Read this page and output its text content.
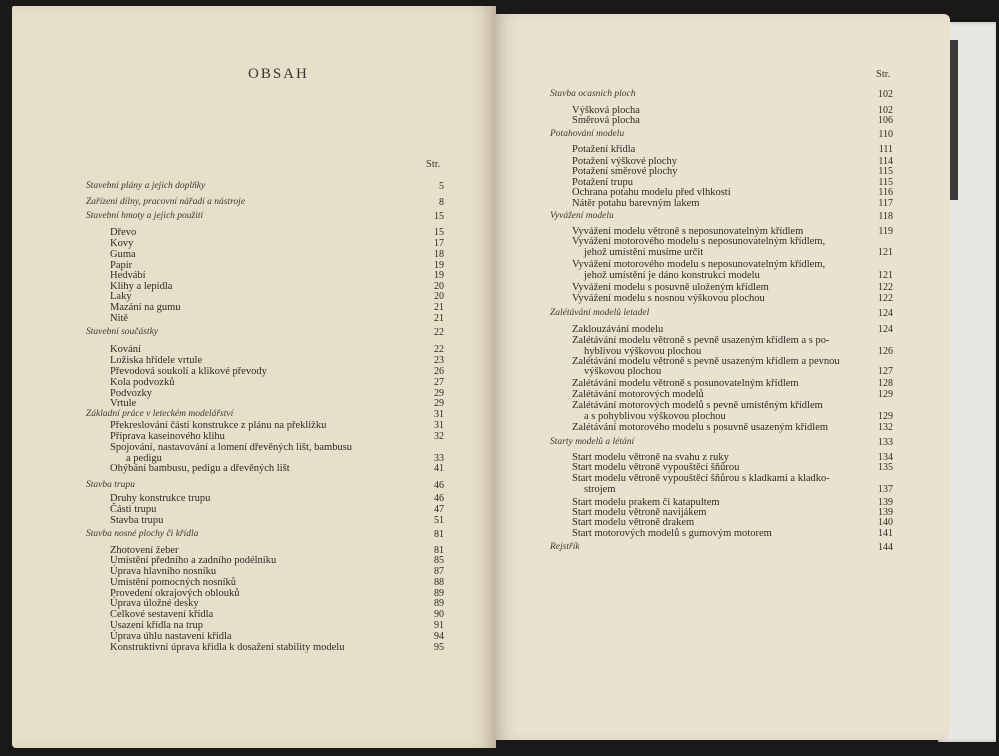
OBSAH
Str.
Stavební plány a jejich doplňky	5
Zařízení dílny, pracovní nářadí a nástroje	8
Stavební hmoty a jejich použití	15
Dřevo	15
Kovy	17
Guma	18
Papír	19
Hedvábí	19
Klihy a lepidla	20
Laky	20
Mazání na gumu	21
Nitě	21
Stavební součástky	22
Kování	22
Ložiska hřídele vrtule	23
Převodová soukolí a klikové převody	26
Kola podvozků	27
Podvozky	29
Vrtule	29
Základní práce v leteckém modelářství	31
Překreslování částí konstrukce z plánu na překližku	31
Příprava kaseinového klihu	32
Spojování, nastavování a lomení dřevěných lišt, bambusu
a pedigu	33
Ohýbání bambusu, pedigu a dřevěných lišt	41
Stavba trupu	46
Druhy konstrukce trupu	46
Části trupu	47
Stavba trupu	51
Stavba nosné plochy či křídla	81
Zhotovení žeber	81
Umístění předního a zadního podélníku	85
Úprava hlavního nosníku	87
Umístění pomocných nosníků	88
Provedení okrajových oblouků	89
Úprava úložné desky	89
Celkové sestavení křídla	90
Usazení křídla na trup	91
Úprava úhlu nastavení křídla	94
Konstruktivní úprava křídla k dosažení stability modelu	95
Str.
Stavba ocasních ploch	102
Výšková plocha	102
Směrová plocha	106
Potahování modelu	110
Potažení křídla	111
Potažení výškové plochy	114
Potažení směrové plochy	115
Potažení trupu	115
Ochrana potahu modelu před vlhkostí	116
Nátěr potahu barevným lakem	117
Vyvážení modelu	118
Vyvážení modelu větroně s neposunovatelným křídlem	119
Vyvážení motorového modelu s neposunovatelným křídlem,
jehož umístění musíme určit	121
Vyvážení motorového modelu s neposunovatelným křídlem,
jehož umístění je dáno konstrukcí modelu	121
Vyvážení modelu s posuvně uloženým křídlem	122
Vyvážení modelu s nosnou výškovou plochou	122
Zalétávání modelů letadel	124
Zaklouzávání modelu	124
Zalétávání modelu větroně s pevně usazeným křídlem a s po-
hyblivou výškovou plochou	126
Zalétávání modelu větroně s pevně usazeným křídlem a pevnou
výškovou plochou	127
Zalétávání modelu větroně s posunovatelným křídlem	128
Zalétávání motorových modelů	129
Zalétávání motorových modelů s pevně umístěným křídlem
a s pohyblivou výškovou plochou	129
Zalétávání motorového modelu s posuvně usazeným křídlem	132
Starty modelů a létání	133
Start modelu větroně na svahu z ruky	134
Start modelu větroně vypouštěcí šňůrou	135
Start modelu větroně vypouštěcí šňůrou s kladkami a kladko-
strojem	137
Start modelu prakem či katapultem	139
Start modelu větroně navijákem	139
Start modelu větroně drakem	140
Start motorových modelů s gumovým motorem	141
Rejstřík	144
